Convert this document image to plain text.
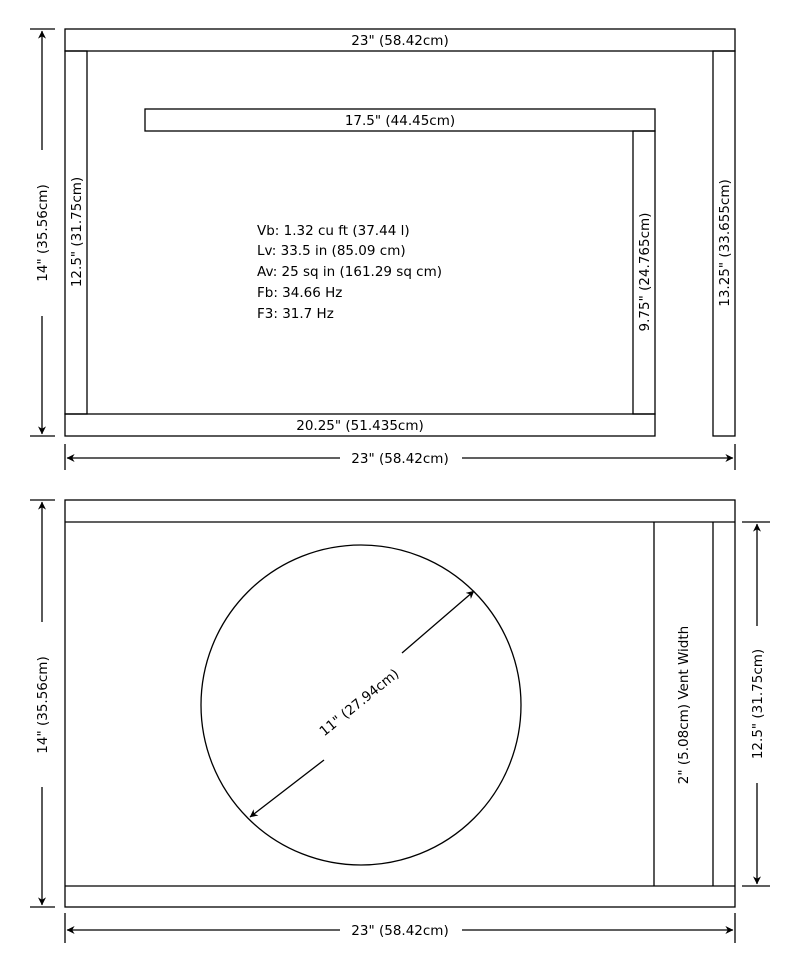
23" (58.42cm)
12.5" (31.75cm)	13.25" (33.655cm)
17.5" (44.45cm)
9.75" (24.765cm)
20.25" (51.435cm)
Vb: 1.32 cu ft (37.44 l)
Lv: 33.5 in (85.09 cm)
Av: 25 sq in (161.29 sq cm)
Fb: 34.66 Hz
F3: 31.7 Hz
14" (35.56cm)
23" (58.42cm)
2" (5.08cm) Vent Width
11" (27.94cm)
14" (35.56cm)	12.5" (31.75cm)
23" (58.42cm)
